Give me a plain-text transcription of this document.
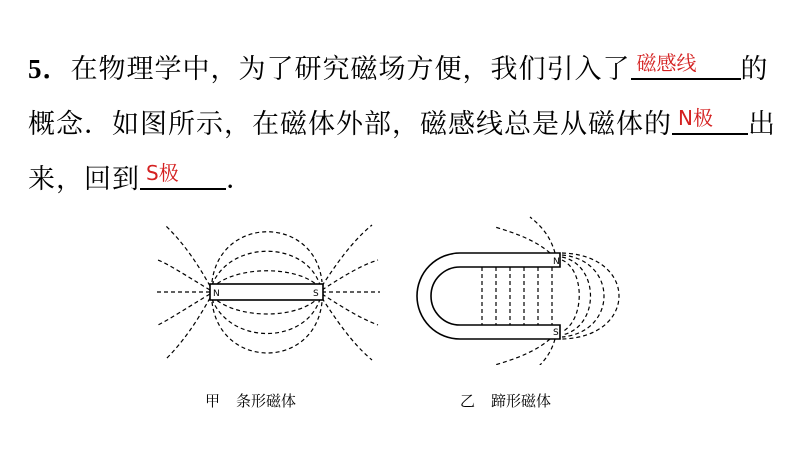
5．在物理学中，为了研究磁场方便，我们引入了 磁感线 的
概念．如图所示，在磁体外部，磁感线总是从磁体的 N极 出
来，回到 S极 ．
N	S
N
S
甲 条形磁体	乙 蹄形磁体
